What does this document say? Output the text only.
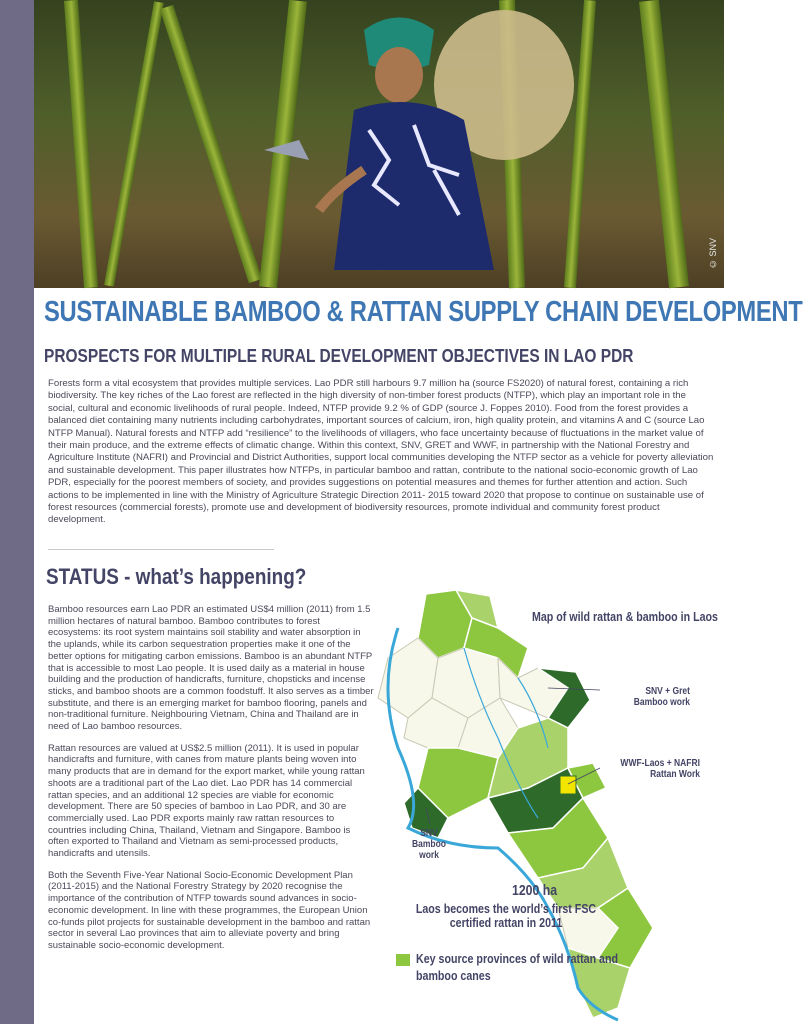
© SNV
SUSTAINABLE BAMBOO & RATTAN SUPPLY CHAIN DEVELOPMENT
PROSPECTS FOR MULTIPLE RURAL DEVELOPMENT OBJECTIVES IN LAO PDR

Forests form a vital ecosystem that provides multiple services. Lao PDR still harbours 9.7 million ha (source FS2020) of natural forest, containing a rich biodiversity. The key riches of the Lao forest are reflected in the high diversity of non-timber forest products (NTFP), which play an important role in the social, cultural and economic livelihoods of rural people. Indeed, NTFP provide 9.2 % of GDP (source J. Foppes 2010). Food from the forest provides a balanced diet containing many nutrients including carbohydrates, important sources of calcium, iron, high quality protein, and vitamins A and C (source Lao NTFP Manual). Natural forests and NTFP add “resilience” to the livelihoods of villagers, who face uncertainty because of fluctuations in the market value of their main produce, and the extreme effects of climatic change. Within this context, SNV, GRET and WWF, in partnership with the National Forestry and Agriculture Institute (NAFRI) and Provincial and District Authorities, support local communities developing the NTFP sector as a vehicle for poverty alleviation and sustainable development. This paper illustrates how NTFPs, in particular bamboo and rattan, contribute to the national socio-economic growth of Lao PDR, especially for the poorest members of society, and provides suggestions on potential measures and themes for further attention and action. Such actions to be implemented in line with the Ministry of Agriculture Strategic Direction 2011- 2015 toward 2020 that propose to continue on sustainable use of forest resources (commercial forests), promote use and development of biodiversity resources, promote individual and community forest product development.

STATUS - what’s happening?

Bamboo resources earn Lao PDR an estimated US$4 million (2011) from 1.5 million hectares of natural bamboo. Bamboo contributes to forest ecosystems: its root system maintains soil stability and water absorption in the uplands, while its carbon sequestration properties make it one of the better options for mitigating carbon emissions. Bamboo is an abundant NTFP that is accessible to most Lao people. It is used daily as a material in house building and the production of handicrafts, furniture, chopsticks and incense sticks, and bamboo shoots are a common foodstuff. It also serves as a timber substitute, and there is an emerging market for bamboo flooring, panels and non-traditional furniture. Neighbouring Vietnam, China and Thailand are in need of Lao bamboo resources.

Rattan resources are valued at US$2.5 million (2011). It is used in popular handicrafts and furniture, with canes from mature plants being woven into many products that are in demand for the export market, while young rattan shoots are a traditional part of the Lao diet. Lao PDR has 14 commercial rattan species, and an additional 12 species are viable for economic development. There are 50 species of bamboo in Lao PDR, and 30 are commercially used. Lao PDR exports mainly raw rattan resources to countries including China, Thailand, Vietnam and Singapore. Bamboo is often exported to Thailand and Vietnam as semi-processed products, handicrafts and utensils.

Both the Seventh Five-Year National Socio-Economic Development Plan (2011-2015) and the National Forestry Strategy by 2020 recognise the importance of the contribution of NTFP towards sound advances in socio-economic development. In line with these programmes, the European Union co-funds pilot projects for sustainable development in the bamboo and rattan sector in several Lao provinces that aim to alleviate poverty and bring sustainable socio-economic development.

Map of wild rattan & bamboo in Laos
SNV + Gret
Bamboo work
WWF-Laos + NAFRI
Rattan Work
SNV
Bamboo work
1200 ha
Laos becomes the world’s first FSC certified rattan in 2011
Key source provinces of wild rattan and bamboo canes
